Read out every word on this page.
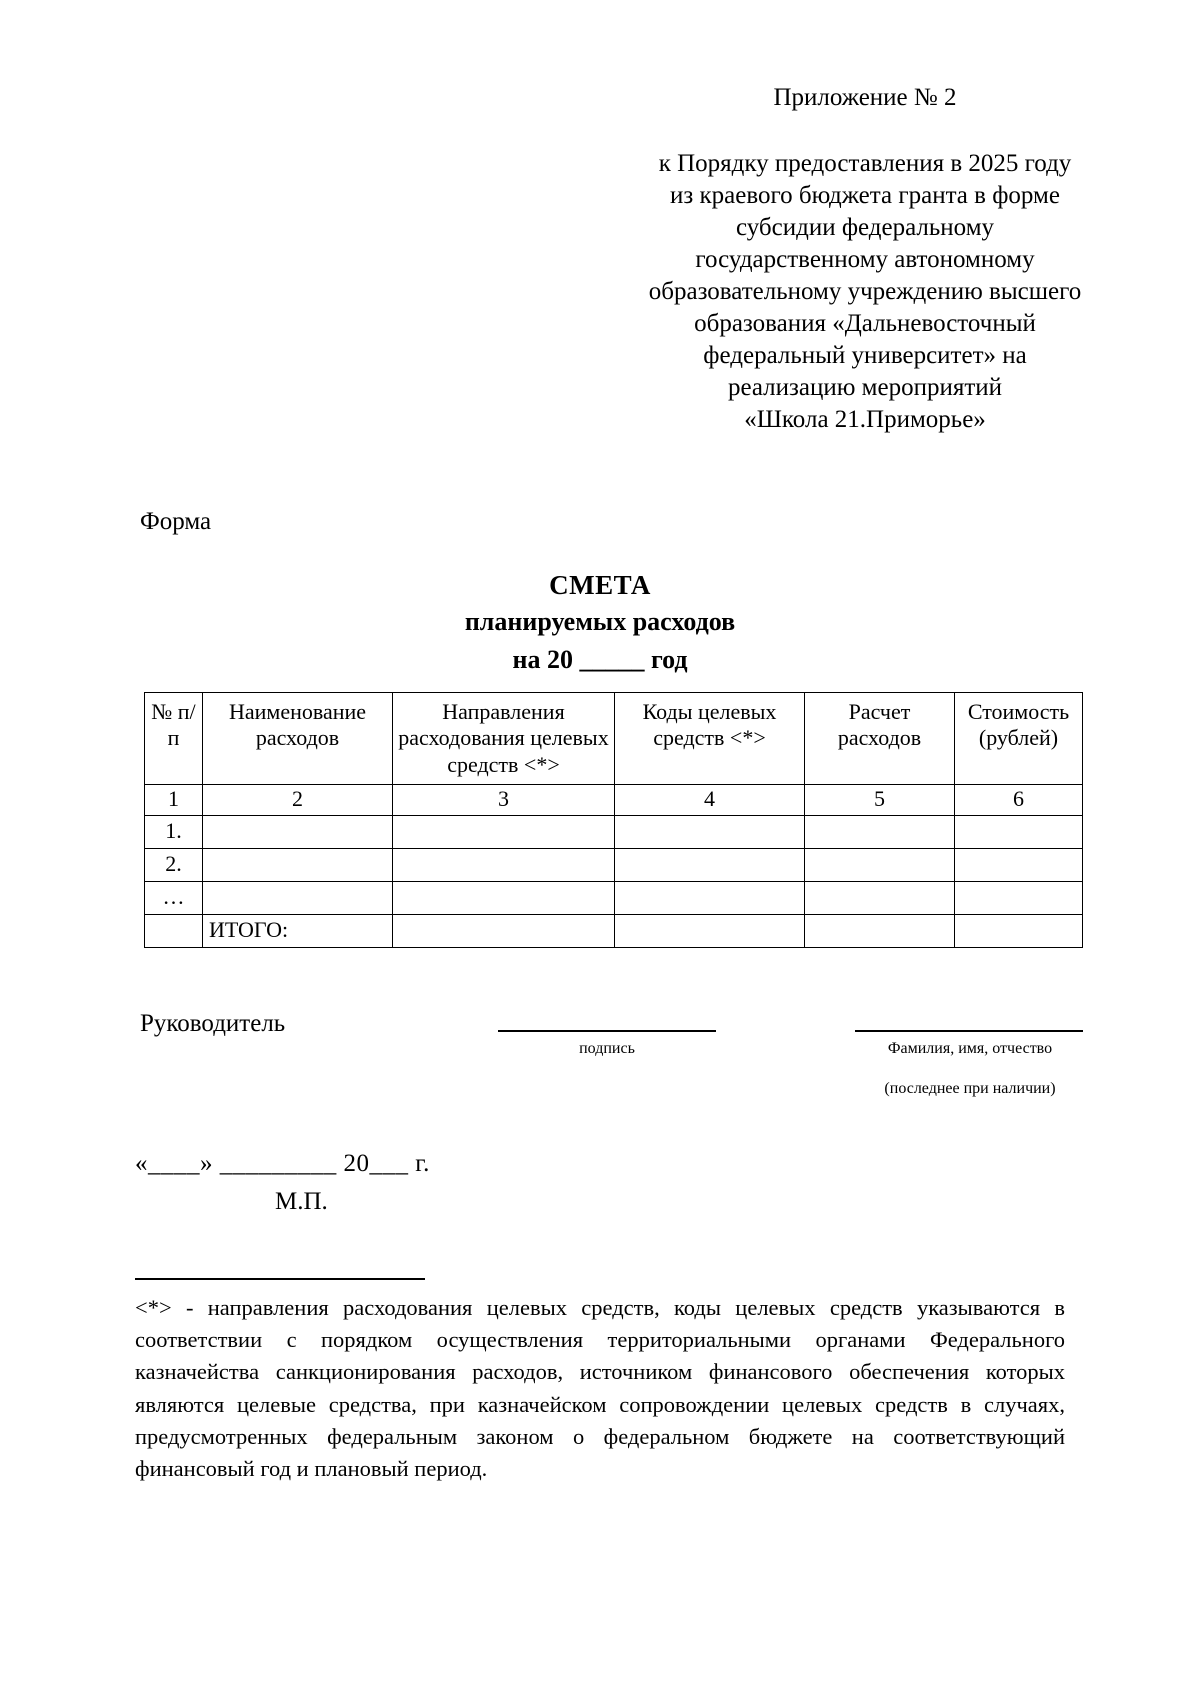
Приложение № 2
к Порядку предоставления в 2025 году
из краевого бюджета гранта в форме
субсидии федеральному
государственному автономному
образовательному учреждению высшего
образования «Дальневосточный
федеральный университет» на
реализацию мероприятий
«Школа 21.Приморье»
Форма
СМЕТА
планируемых расходов
на 20 _____ год
№ п/п	Наименование расходов	Направления расходования целевых средств <*>	Коды целевых средств <*>	Расчет расходов	Стоимость (рублей)
1	2	3	4	5	6
1.					
2.					
…					
	ИТОГО:				
Руководитель
подпись	Фамилия, имя, отчество
(последнее при наличии)
«____» _________ 20___ г.
М.П.
<*> - направления расходования целевых средств, коды целевых средств указываются в соответствии с порядком осуществления территориальными органами Федерального казначейства санкционирования расходов, источником финансового обеспечения которых являются целевые средства, при казначейском сопровождении целевых средств в случаях, предусмотренных федеральным законом о федеральном бюджете на соответствующий финансовый год и плановый период.
